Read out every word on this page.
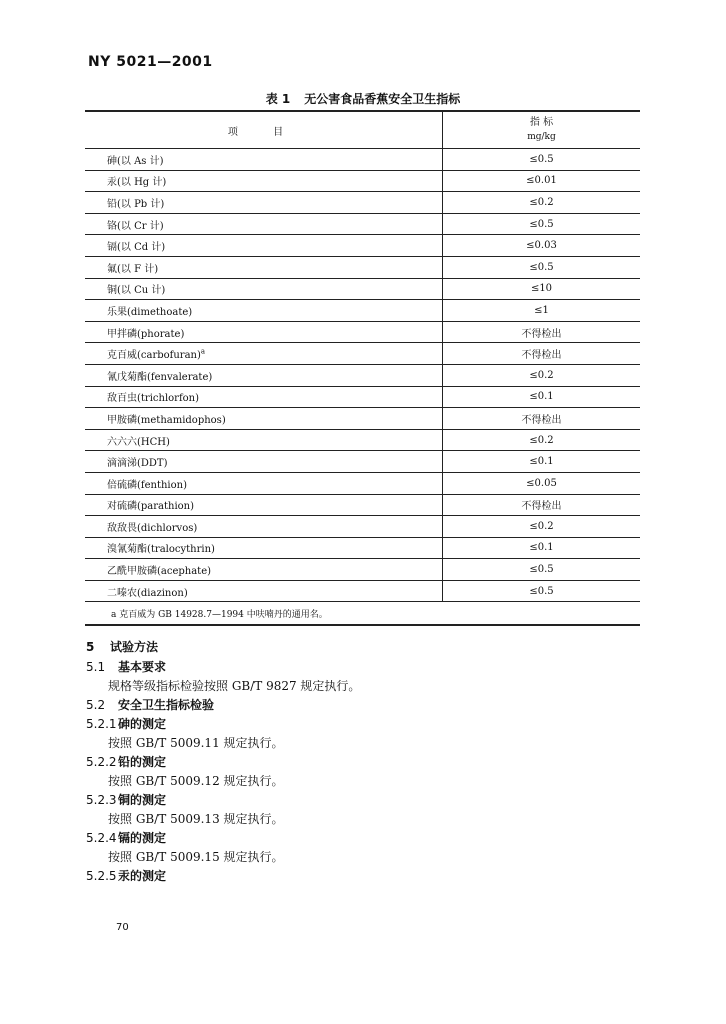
NY 5021—2001
表 1 无公害食品香蕉安全卫生指标
项 目	指 标
mg/kg

砷(以 As 计)	≤0.5
汞(以 Hg 计)	≤0.01
铅(以 Pb 计)	≤0.2
铬(以 Cr 计)	≤0.5
镉(以 Cd 计)	≤0.03
氟(以 F 计)	≤0.5
铜(以 Cu 计)	≤10
乐果(dimethoate)	≤1
甲拌磷(phorate)	不得检出
克百威(carbofuran)$^a$	不得检出
氰戊菊酯(fenvalerate)	≤0.2
敌百虫(trichlorfon)	≤0.1
甲胺磷(methamidophos)	不得检出
六六六(HCH)	≤0.2
滴滴涕(DDT)	≤0.1
倍硫磷(fenthion)	≤0.05
对硫磷(parathion)	不得检出
敌敌畏(dichlorvos)	≤0.2
溴氰菊酯(tralocythrin)	≤0.1
乙酰甲胺磷(acephate)	≤0.5
二嗪农(diazinon)	≤0.5
a 克百威为 GB 14928.7—1994 中呋喃丹的通用名。	
5 试验方法
5.1 基本要求
规格等级指标检验按照 GB/T 9827 规定执行。
5.2 安全卫生指标检验
5.2.1砷的测定
按照 GB/T 5009.11 规定执行。
5.2.2铅的测定
按照 GB/T 5009.12 规定执行。
5.2.3铜的测定
按照 GB/T 5009.13 规定执行。
5.2.4镉的测定
按照 GB/T 5009.15 规定执行。
5.2.5汞的测定
70
